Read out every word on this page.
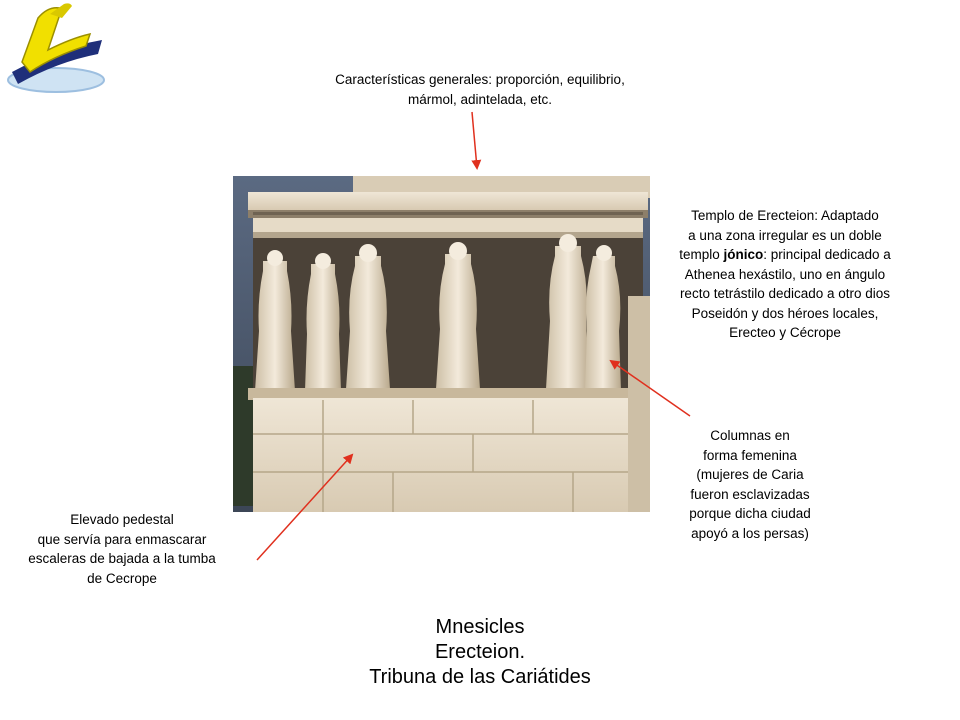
Características generales: proporción, equilibrio,
mármol, adintelada, etc.
Templo de Erecteion: Adaptado
a una zona irregular es un doble
templo jónico: principal dedicado a
Athenea hexástilo, uno en ángulo
recto tetrástilo dedicado a otro dios
Poseidón y dos héroes locales,
Erecteo y Cécrope
Columnas en
forma femenina
(mujeres de Caria
fueron esclavizadas
porque dicha ciudad
apoyó a los persas)
Elevado pedestal
que servía para enmascarar
escaleras de bajada a la tumba
de Cecrope
Mnesicles
Erecteion.
Tribuna de las Cariátides
